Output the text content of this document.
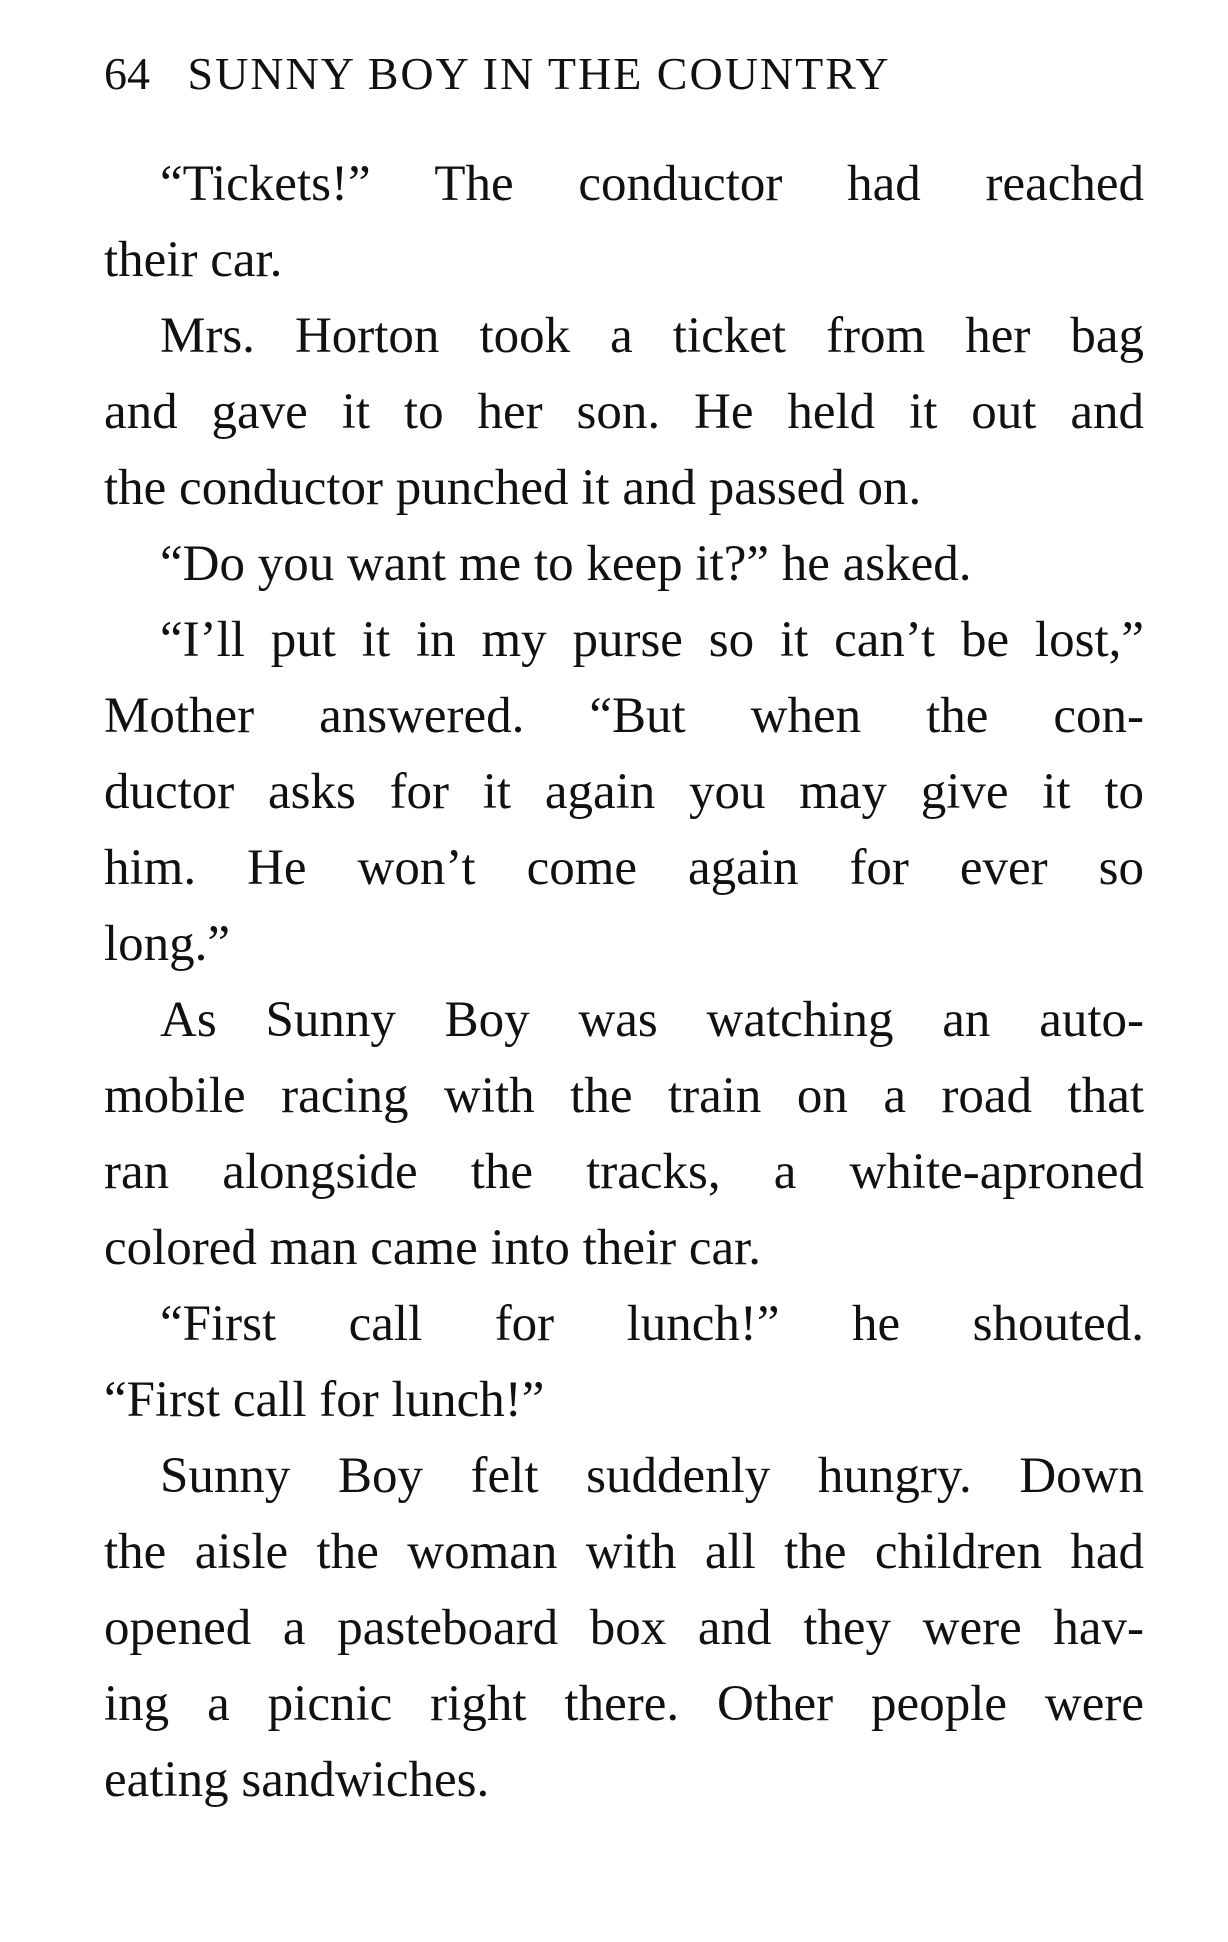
64 SUNNY BOY IN THE COUNTRY
“Tickets!” The conductor had reached
their car.
Mrs. Horton took a ticket from her bag
and gave it to her son. He held it out and
the conductor punched it and passed on.
“Do you want me to keep it?” he asked.
“I’ll put it in my purse so it can’t be lost,”
Mother answered. “But when the con-
ductor asks for it again you may give it to
him. He won’t come again for ever so
long.”
As Sunny Boy was watching an auto-
mobile racing with the train on a road that
ran alongside the tracks, a white-aproned
colored man came into their car.
“First call for lunch!” he shouted.
“First call for lunch!”
Sunny Boy felt suddenly hungry. Down
the aisle the woman with all the children had
opened a pasteboard box and they were hav-
ing a picnic right there. Other people were
eating sandwiches.
